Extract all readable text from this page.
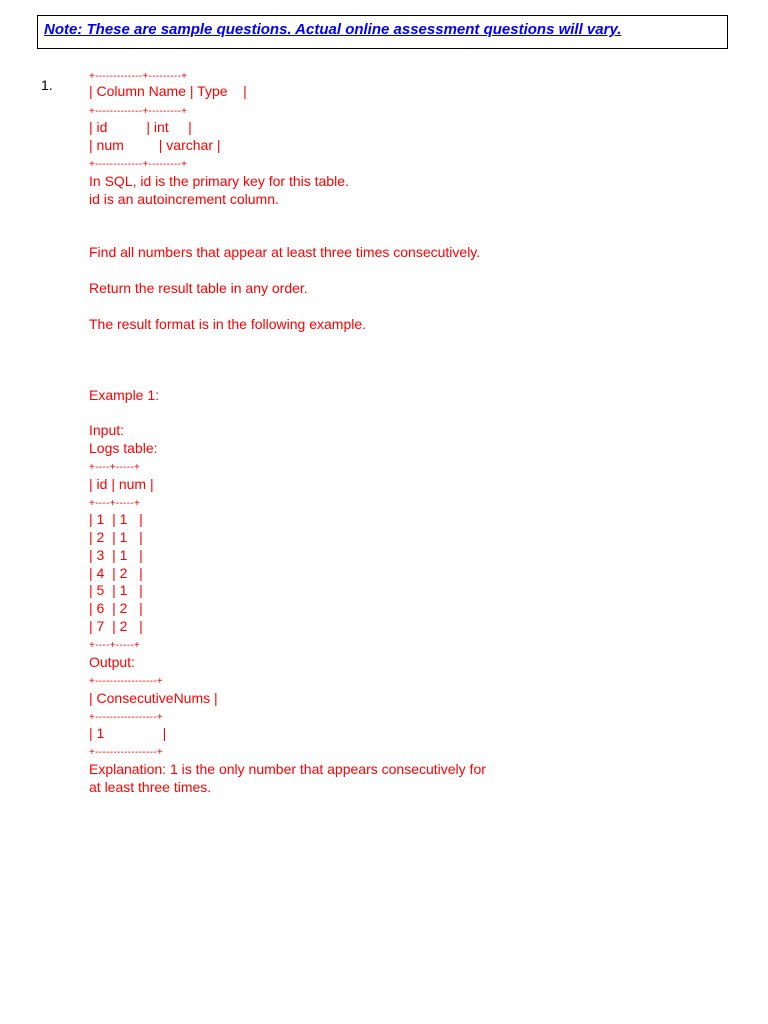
Note: These are sample questions. Actual online assessment questions will vary.

1.

+-------------+---------+

| Column Name | Type    |

+-------------+---------+

| id          | int     |

| num         | varchar |

+-------------+---------+

In SQL, id is the primary key for this table.

id is an autoincrement column.

Find all numbers that appear at least three times consecutively.

Return the result table in any order.

The result format is in the following example.

Example 1:

Input:

Logs table:

+----+-----+

| id | num |

+----+-----+

| 1  | 1   |

| 2  | 1   |

| 3  | 1   |

| 4  | 2   |

| 5  | 1   |

| 6  | 2   |

| 7  | 2   |

+----+-----+

Output:

+-----------------+

| ConsecutiveNums |

+-----------------+

| 1               |

+-----------------+

Explanation: 1 is the only number that appears consecutively for

at least three times.
